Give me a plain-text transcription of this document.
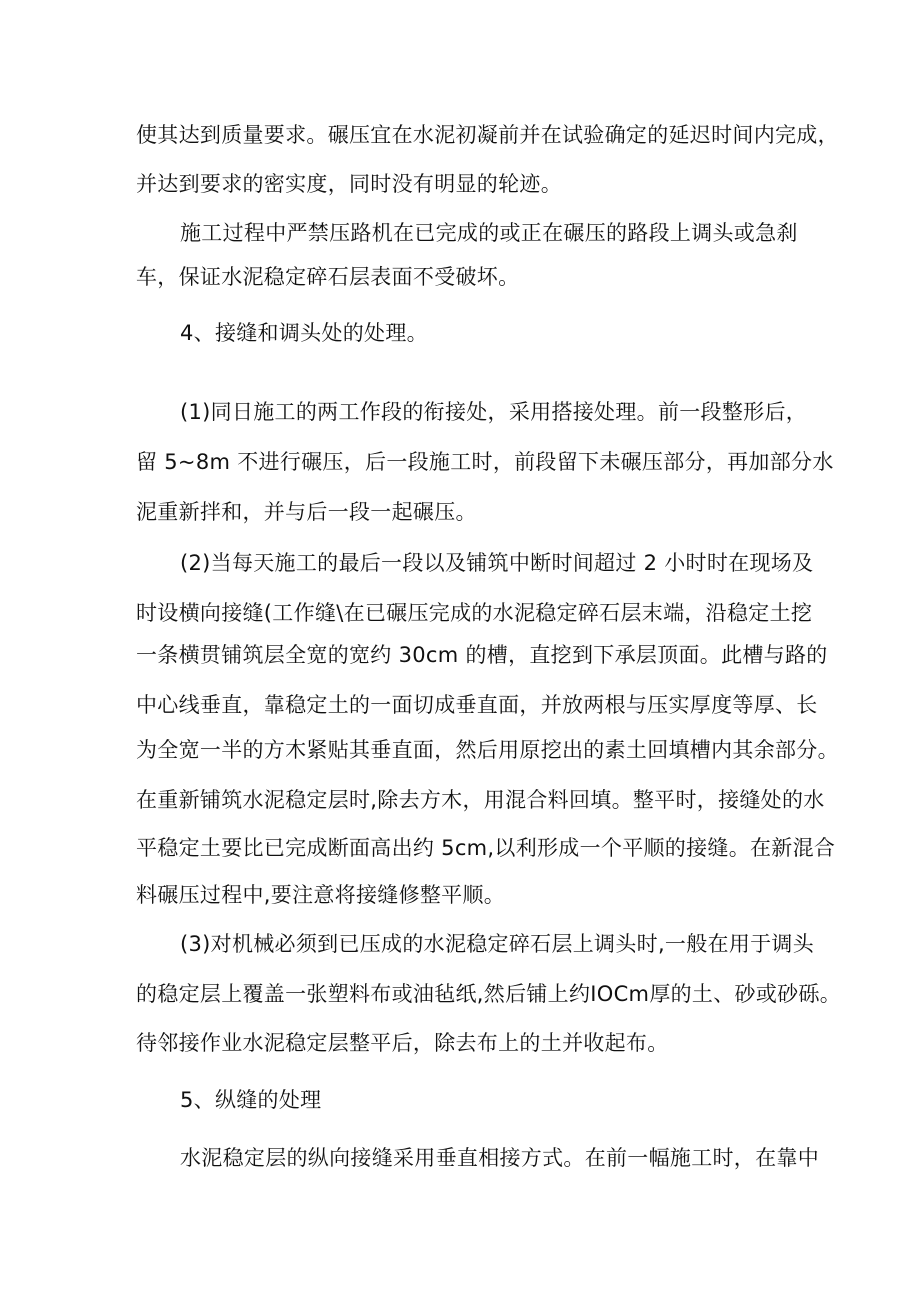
使其达到质量要求。碾压宜在水泥初凝前并在试验确定的延迟时间内完成，
并达到要求的密实度，同时没有明显的轮迹。
施工过程中严禁压路机在已完成的或正在碾压的路段上调头或急刹
车，保证水泥稳定碎石层表面不受破坏。
4、接缝和调头处的处理。
(1)同日施工的两工作段的衔接处，采用搭接处理。前一段整形后，
留 5~8m 不进行碾压，后一段施工时，前段留下未碾压部分，再加部分水
泥重新拌和，并与后一段一起碾压。
(2)当每天施工的最后一段以及铺筑中断时间超过 2 小时时在现场及
时设横向接缝(工作缝\在已碾压完成的水泥稳定碎石层末端，沿稳定土挖
一条横贯铺筑层全宽的宽约 30cm 的槽，直挖到下承层顶面。此槽与路的
中心线垂直，靠稳定土的一面切成垂直面，并放两根与压实厚度等厚、长
为全宽一半的方木紧贴其垂直面，然后用原挖出的素土回填槽内其余部分。
在重新铺筑水泥稳定层时,除去方木，用混合料回填。整平时，接缝处的水
平稳定土要比已完成断面高出约 5cm,以利形成一个平顺的接缝。在新混合
料碾压过程中,要注意将接缝修整平顺。
(3)对机械必须到已压成的水泥稳定碎石层上调头时,一般在用于调头
的稳定层上覆盖一张塑料布或油毡纸,然后铺上约IOCm厚的土、砂或砂砾。
待邻接作业水泥稳定层整平后，除去布上的土并收起布。
5、纵缝的处理
水泥稳定层的纵向接缝采用垂直相接方式。在前一幅施工时，在靠中
